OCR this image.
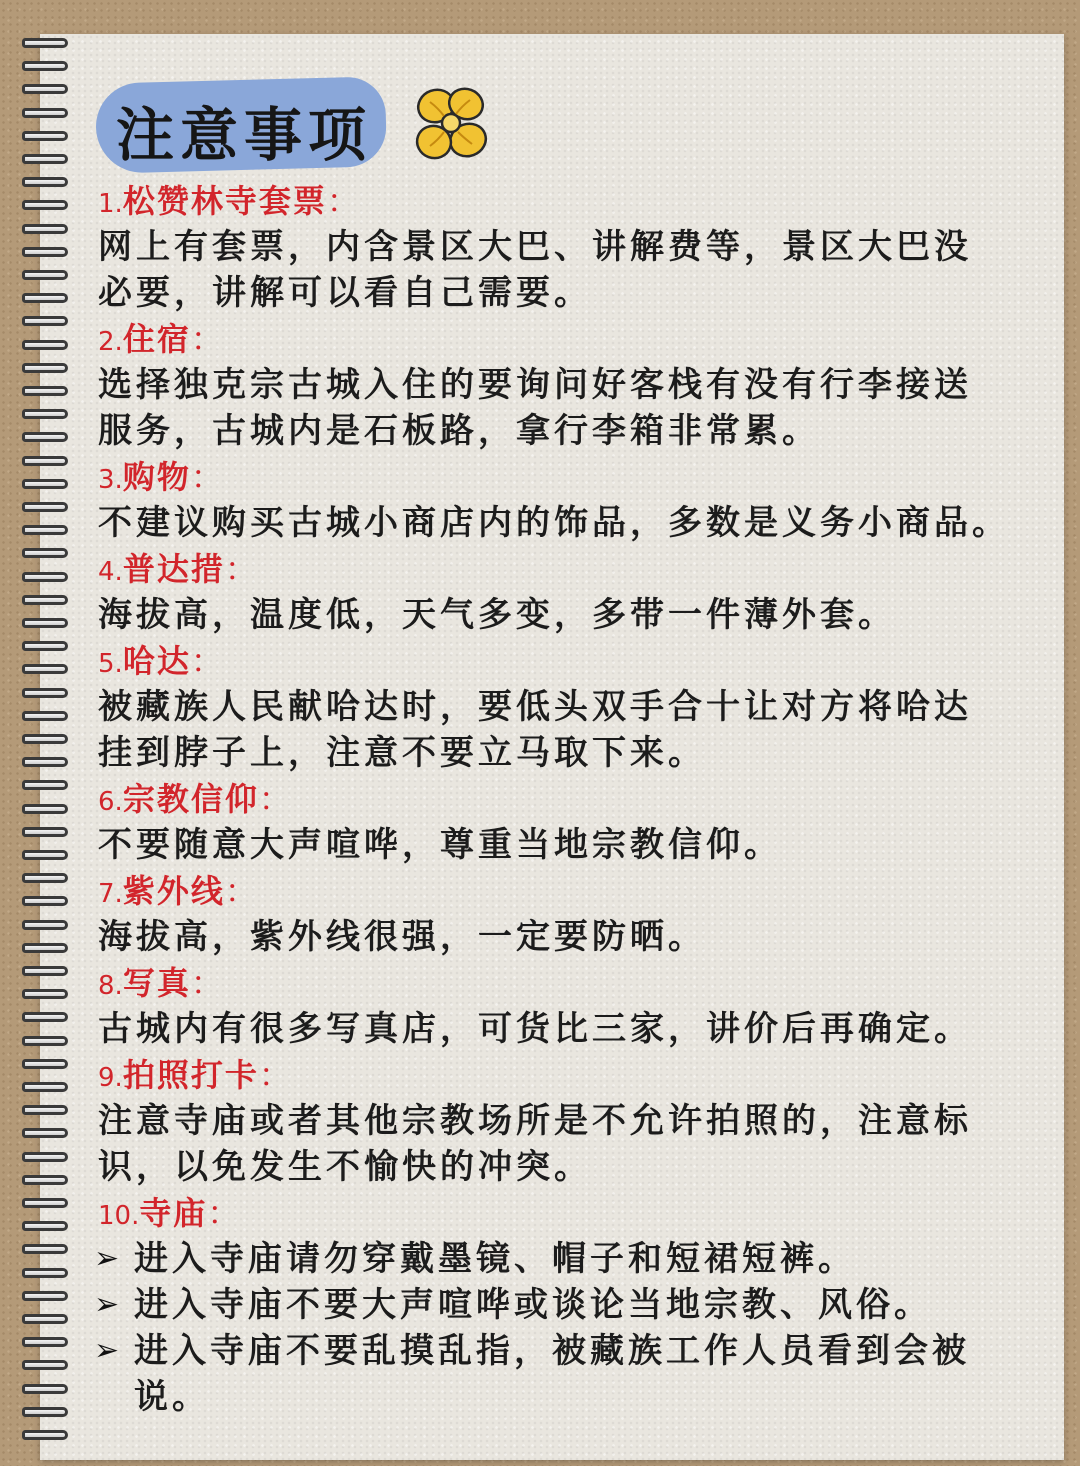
注意事项
1.松赞林寺套票：

网上有套票，内含景区大巴、讲解费等，景区大巴没
必要，讲解可以看自己需要。

2.住宿：

选择独克宗古城入住的要询问好客栈有没有行李接送
服务，古城内是石板路，拿行李箱非常累。

3.购物：

不建议购买古城小商店内的饰品，多数是义务小商品。

4.普达措：

海拔高，温度低，天气多变，多带一件薄外套。

5.哈达：

被藏族人民献哈达时，要低头双手合十让对方将哈达
挂到脖子上，注意不要立马取下来。

6.宗教信仰：

不要随意大声喧哗，尊重当地宗教信仰。

7.紫外线：

海拔高，紫外线很强，一定要防晒。

8.写真：

古城内有很多写真店，可货比三家，讲价后再确定。

9.拍照打卡：

注意寺庙或者其他宗教场所是不允许拍照的，注意标
识，以免发生不愉快的冲突。

10.寺庙：
➢ 进入寺庙请勿穿戴墨镜、帽子和短裙短裤。
➢ 进入寺庙不要大声喧哗或谈论当地宗教、风俗。
➢ 进入寺庙不要乱摸乱指，被藏族工作人员看到会被
说。
